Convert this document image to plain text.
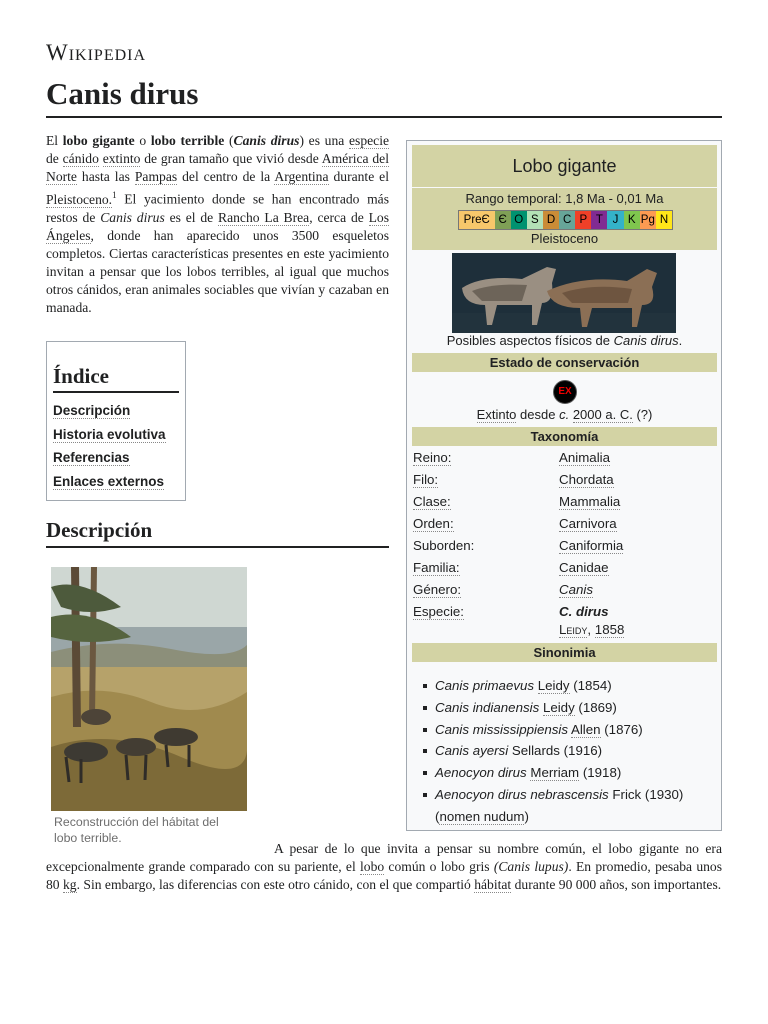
Wikipedia
Canis dirus

El lobo gigante o lobo terrible (Canis dirus) es una especie de cánido extinto de gran tamaño que vivió desde América del Norte hasta las Pampas del centro de la Argentina durante el Pleistoceno.$^1$ El yacimiento donde se han encontrado más restos de Canis dirus es el de Rancho La Brea, cerca de Los Ángeles, donde han aparecido unos 3500 esqueletos completos. Ciertas características presentes en este yacimiento invitan a pensar que los lobos terribles, al igual que muchos otros cánidos, eran animales sociables que vivían y cazaban en manada.

Índice
Descripción
Historia evolutiva
Referencias
Enlaces externos
Descripción
Reconstrucción del hábitat del lobo terrible.

A pesar de lo que invita a pensar su nombre común, el lobo gigante no era excepcionalmente grande comparado con su pariente, el lobo común o lobo gris (Canis lupus). En promedio, pesaba unos 80 kg. Sin embargo, las diferencias con este otro cánido, con el que compartió hábitat durante 90 000 años, son importantes.

Lobo gigante
Rango temporal: 1,8 Ma - 0,01 Ma
PreЄ Є O S D C P T J K Pg N
Pleistoceno
Posibles aspectos físicos de Canis dirus.
Estado de conservación
EX
Extinto desde c. 2000 a. C. (?)
Taxonomía
Reino:	Animalia
Filo:	Chordata
Clase:	Mammalia
Orden:	Carnivora
Suborden:	Caniformia
Familia:	Canidae
Género:	Canis
Especie:	C. dirus
Leidy, 1858
Sinonimia
Canis primaevus Leidy (1854)
Canis indianensis Leidy (1869)
Canis mississippiensis Allen (1876)
Canis ayersi Sellards (1916)
Aenocyon dirus Merriam (1918)
Aenocyon dirus nebrascensis Frick (1930)
(nomen nudum)
